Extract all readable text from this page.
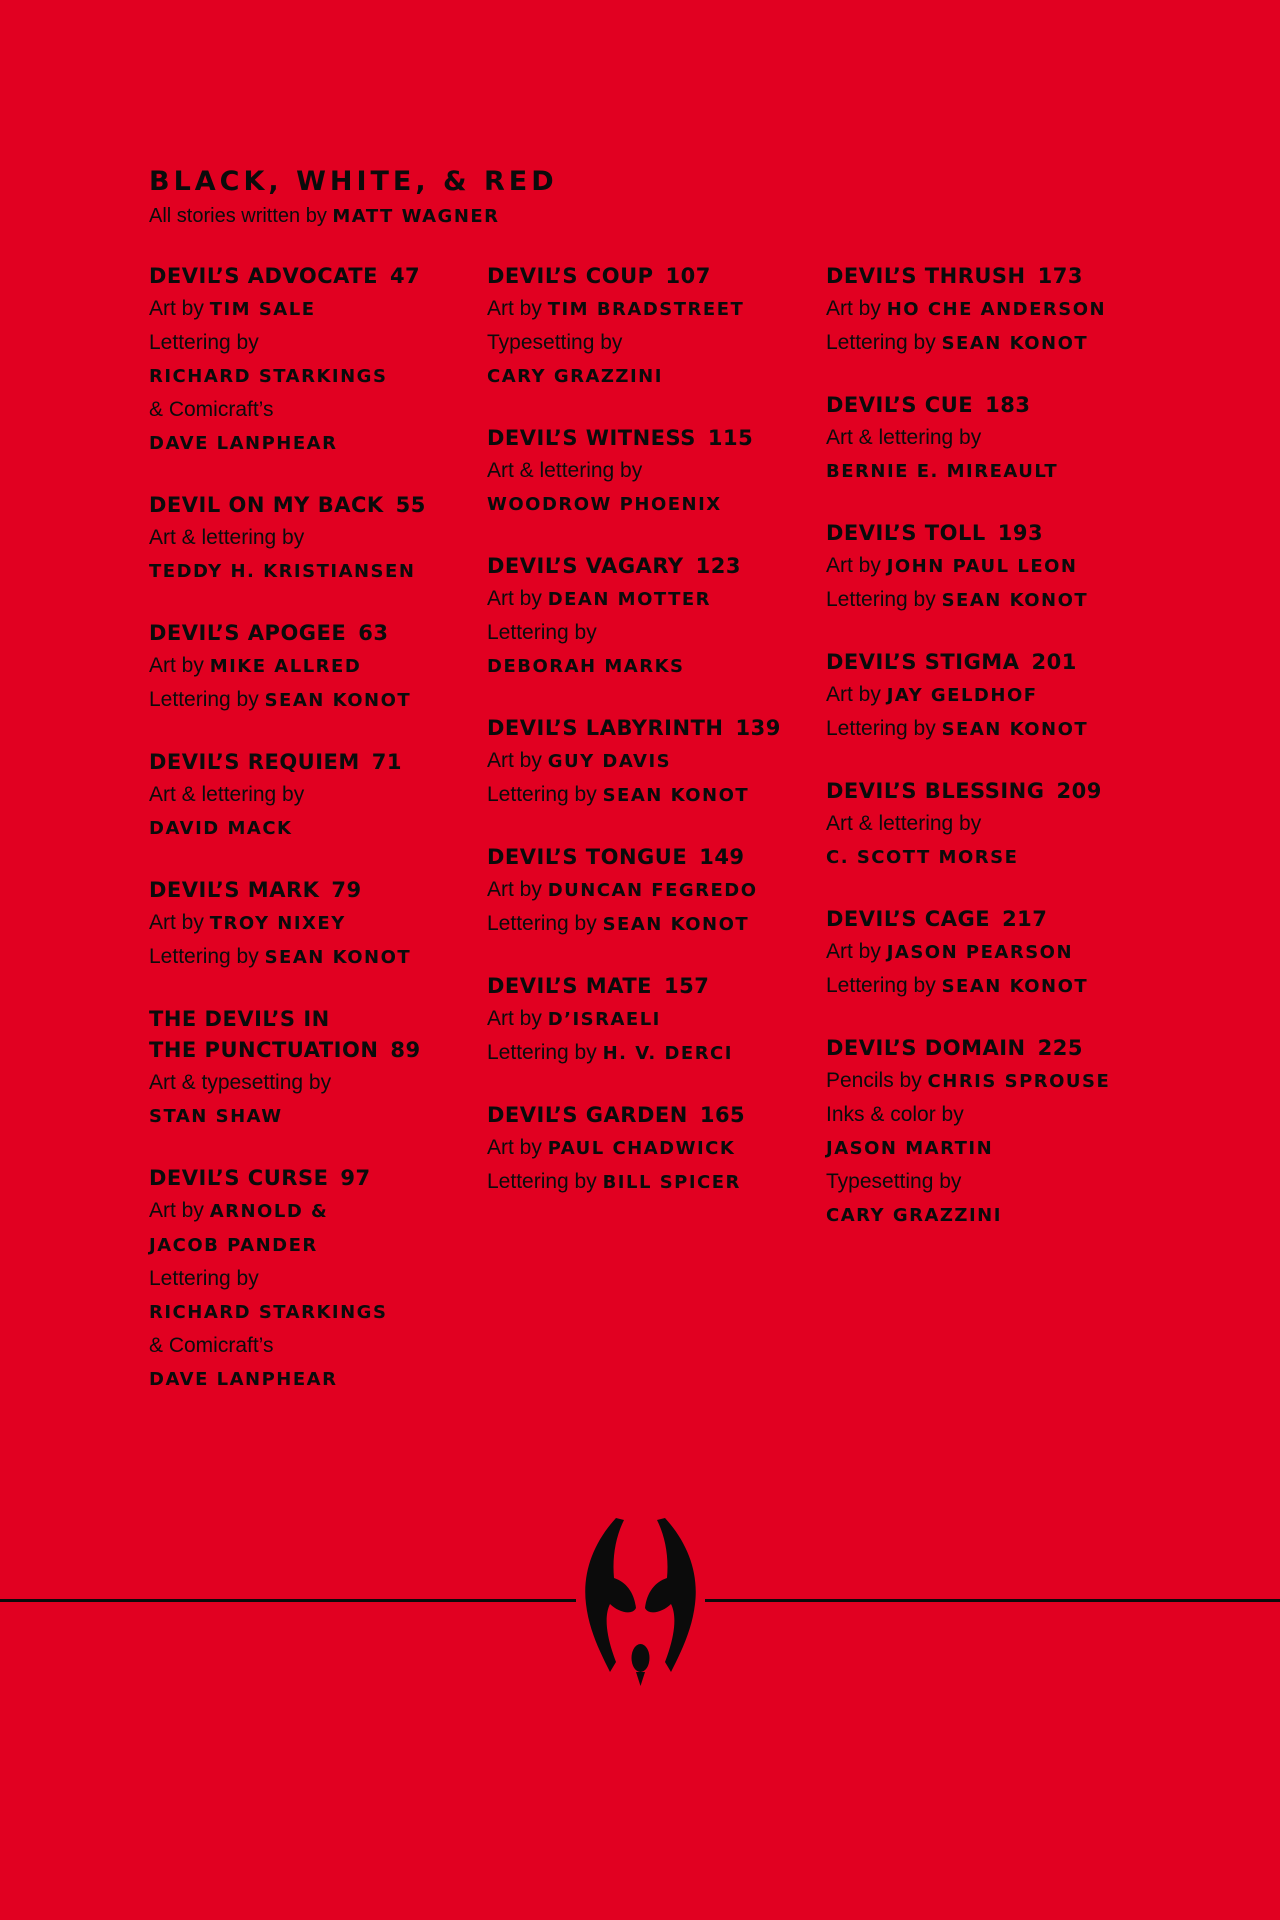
BLACK, WHITE, & RED
All stories written by MATT WAGNER
DEVIL’S ADVOCATE 47
Art by TIM SALE
Lettering by
RICHARD STARKINGS
& Comicraft’s
DAVE LANPHEAR
DEVIL ON MY BACK 55
Art & lettering by
TEDDY H. KRISTIANSEN
DEVIL’S APOGEE 63
Art by MIKE ALLRED
Lettering by SEAN KONOT
DEVIL’S REQUIEM 71
Art & lettering by
DAVID MACK
DEVIL’S MARK 79
Art by TROY NIXEY
Lettering by SEAN KONOT
THE DEVIL’S IN
THE PUNCTUATION 89
Art & typesetting by
STAN SHAW
DEVIL’S CURSE 97
Art by ARNOLD &
JACOB PANDER
Lettering by
RICHARD STARKINGS
& Comicraft’s
DAVE LANPHEAR
DEVIL’S COUP 107
Art by TIM BRADSTREET
Typesetting by
CARY GRAZZINI
DEVIL’S WITNESS 115
Art & lettering by
WOODROW PHOENIX
DEVIL’S VAGARY 123
Art by DEAN MOTTER
Lettering by
DEBORAH MARKS
DEVIL’S LABYRINTH 139
Art by GUY DAVIS
Lettering by SEAN KONOT
DEVIL’S TONGUE 149
Art by DUNCAN FEGREDO
Lettering by SEAN KONOT
DEVIL’S MATE 157
Art by D’ISRAELI
Lettering by H. V. DERCI
DEVIL’S GARDEN 165
Art by PAUL CHADWICK
Lettering by BILL SPICER
DEVIL’S THRUSH 173
Art by HO CHE ANDERSON
Lettering by SEAN KONOT
DEVIL’S CUE 183
Art & lettering by
BERNIE E. MIREAULT
DEVIL’S TOLL 193
Art by JOHN PAUL LEON
Lettering by SEAN KONOT
DEVIL’S STIGMA 201
Art by JAY GELDHOF
Lettering by SEAN KONOT
DEVIL’S BLESSING 209
Art & lettering by
C. SCOTT MORSE
DEVIL’S CAGE 217
Art by JASON PEARSON
Lettering by SEAN KONOT
DEVIL’S DOMAIN 225
Pencils by CHRIS SPROUSE
Inks & color by
JASON MARTIN
Typesetting by
CARY GRAZZINI
